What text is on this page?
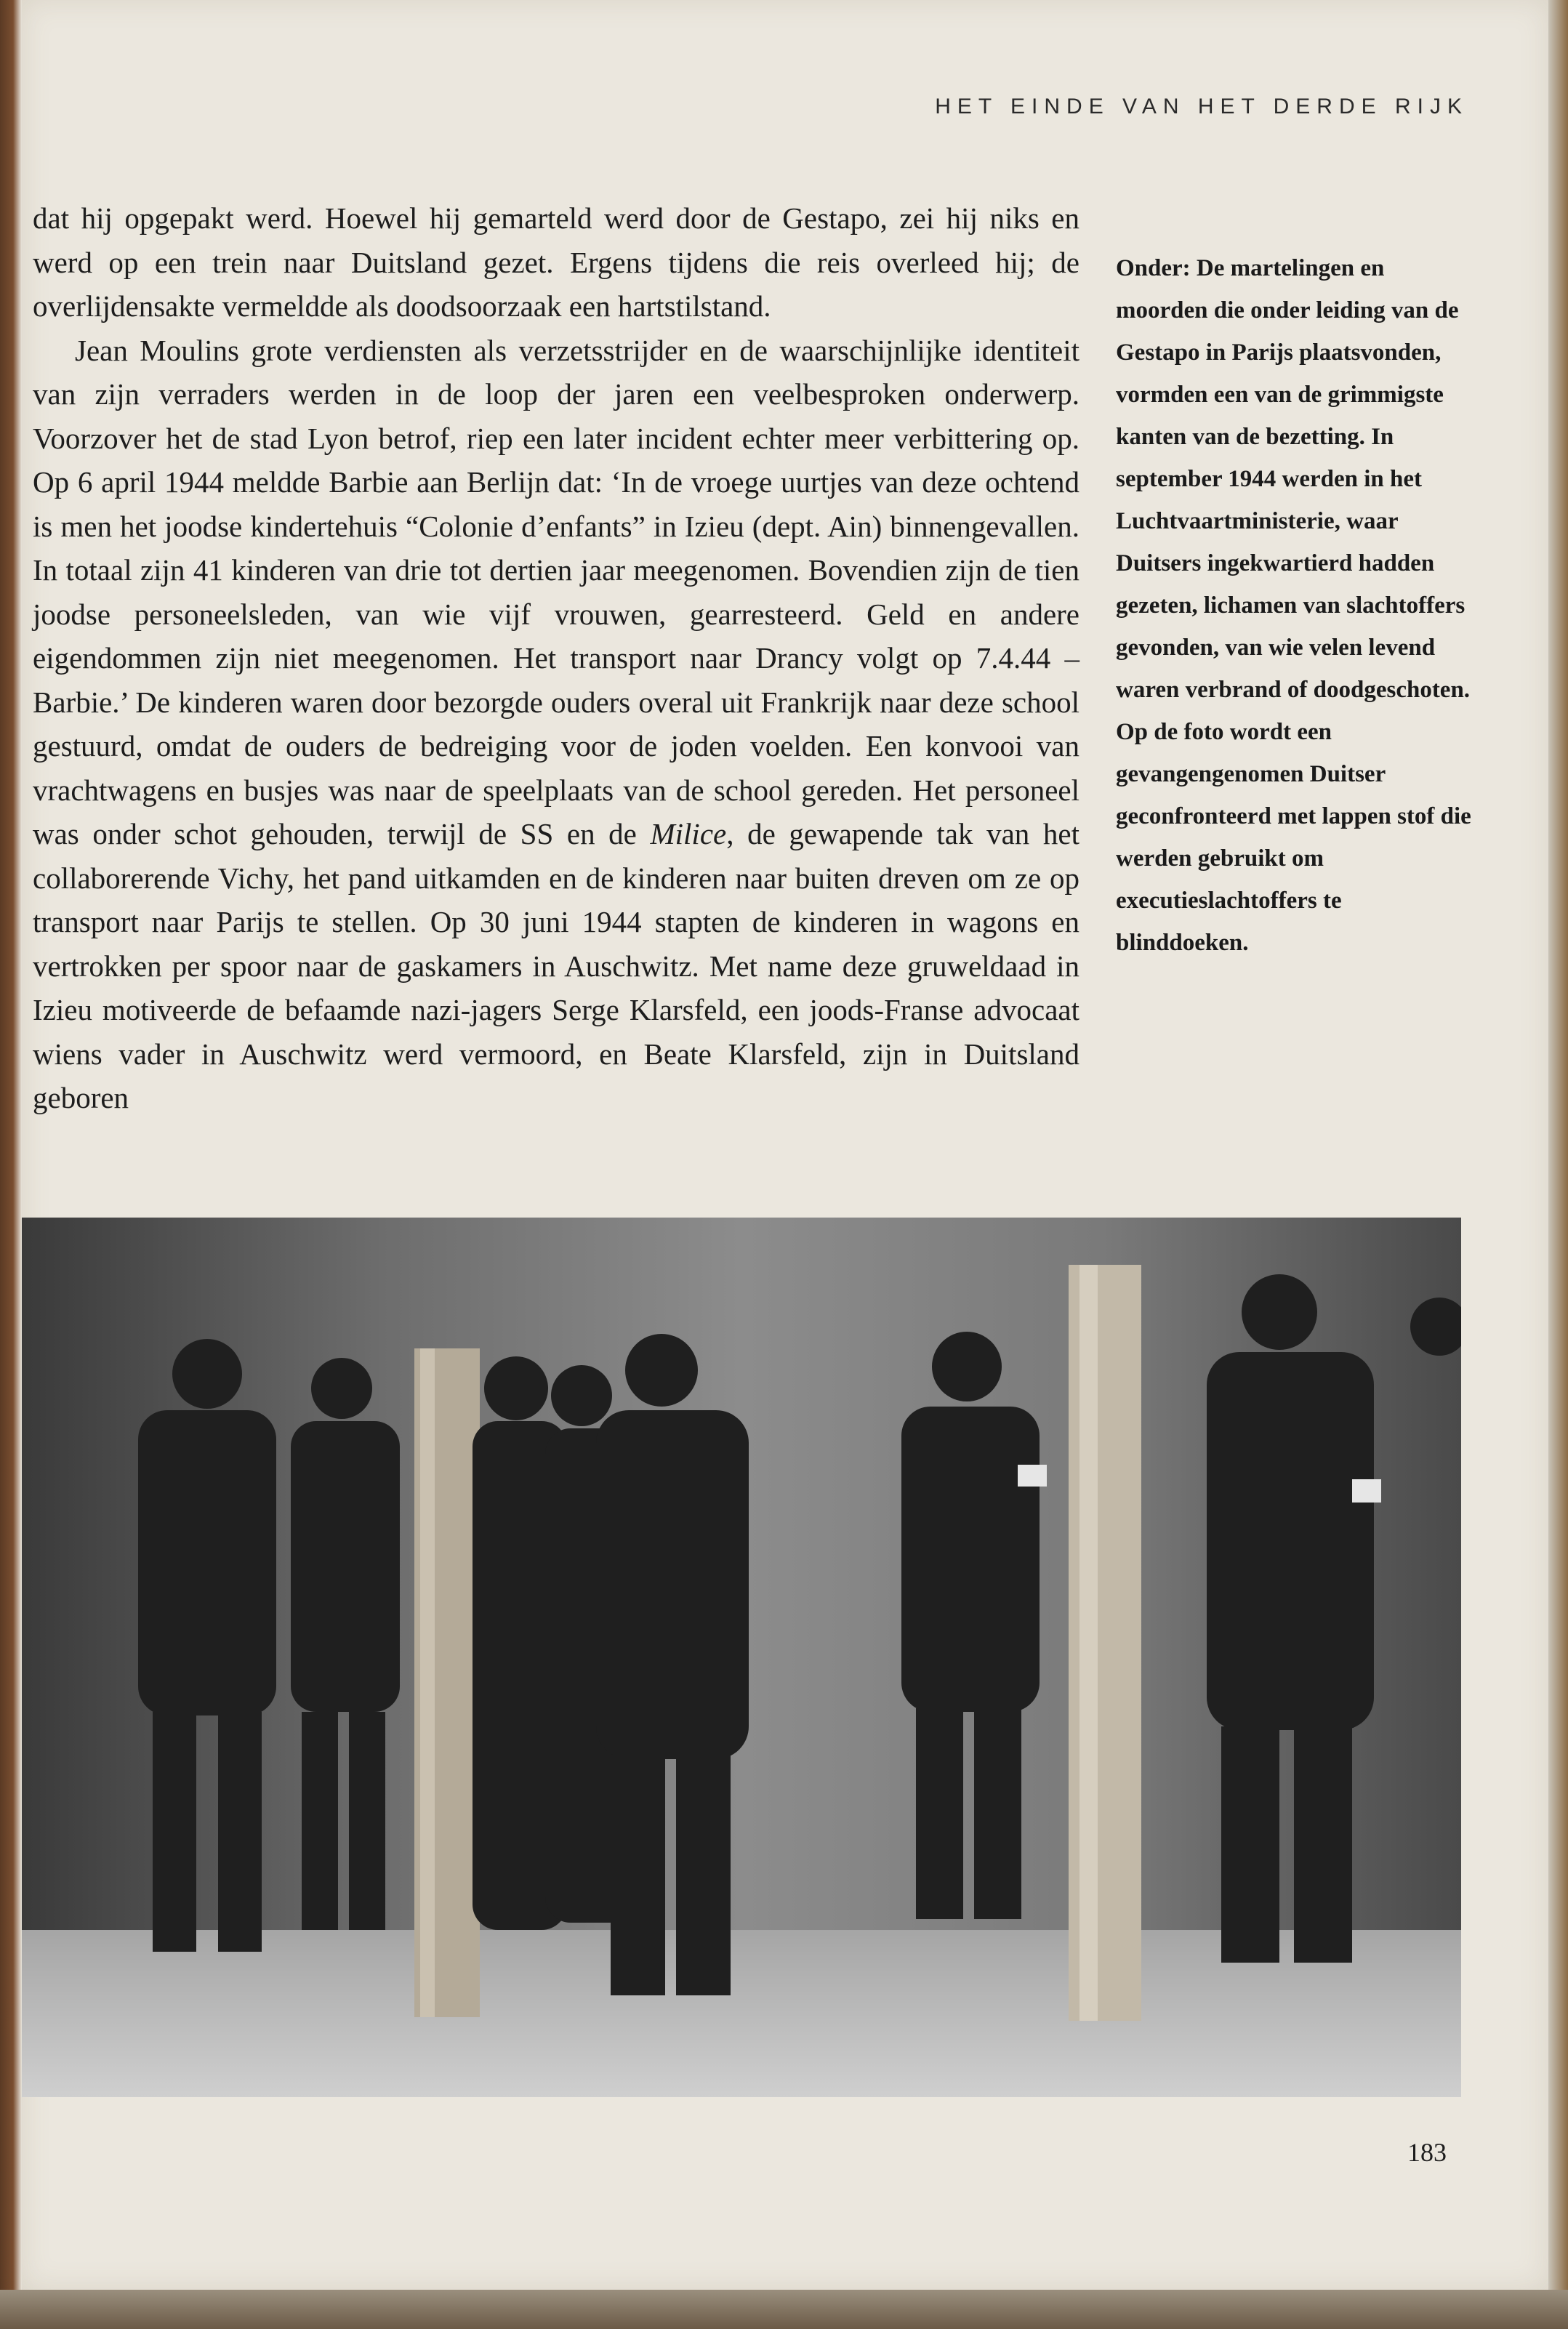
HET EINDE VAN HET DERDE RIJK

dat hij opgepakt werd. Hoewel hij gemarteld werd door de Gestapo, zei hij niks en werd op een trein naar Duitsland gezet. Ergens tijdens die reis overleed hij; de overlijdensakte vermeldde als doodsoorzaak een hartstilstand.

Jean Moulins grote verdiensten als verzetsstrijder en de waarschijnlijke identiteit van zijn verraders werden in de loop der jaren een veelbesproken onderwerp. Voorzover het de stad Lyon betrof, riep een later incident echter meer verbittering op. Op 6 april 1944 meldde Barbie aan Berlijn dat: ‘In de vroege uurtjes van deze ochtend is men het joodse kindertehuis “Colonie d’enfants” in Izieu (dept. Ain) binnengevallen. In totaal zijn 41 kinderen van drie tot dertien jaar meegenomen. Bovendien zijn de tien joodse personeelsleden, van wie vijf vrouwen, gearresteerd. Geld en andere eigendommen zijn niet meegenomen. Het transport naar Drancy volgt op 7.4.44 – Barbie.’ De kinderen waren door bezorgde ouders overal uit Frankrijk naar deze school gestuurd, omdat de ouders de bedreiging voor de joden voelden. Een konvooi van vrachtwagens en busjes was naar de speelplaats van de school gereden. Het personeel was onder schot gehouden, terwijl de SS en de Milice, de gewapende tak van het collaborerende Vichy, het pand uitkamden en de kinderen naar buiten dreven om ze op transport naar Parijs te stellen. Op 30 juni 1944 stapten de kinderen in wagons en vertrokken per spoor naar de gaskamers in Auschwitz. Met name deze gruweldaad in Izieu motiveerde de befaamde nazi-jagers Serge Klarsfeld, een joods-Franse advocaat wiens vader in Auschwitz werd vermoord, en Beate Klarsfeld, zijn in Duitsland geboren

Onder: De martelingen en moorden die onder leiding van de Gestapo in Parijs plaatsvonden, vormden een van de grimmigste kanten van de bezetting. In september 1944 werden in het Luchtvaartministerie, waar Duitsers ingekwartierd hadden gezeten, lichamen van slachtoffers gevonden, van wie velen levend waren verbrand of doodgeschoten. Op de foto wordt een gevangengenomen Duitser geconfronteerd met lappen stof die werden gebruikt om executieslachtoffers te blinddoeken.
183
